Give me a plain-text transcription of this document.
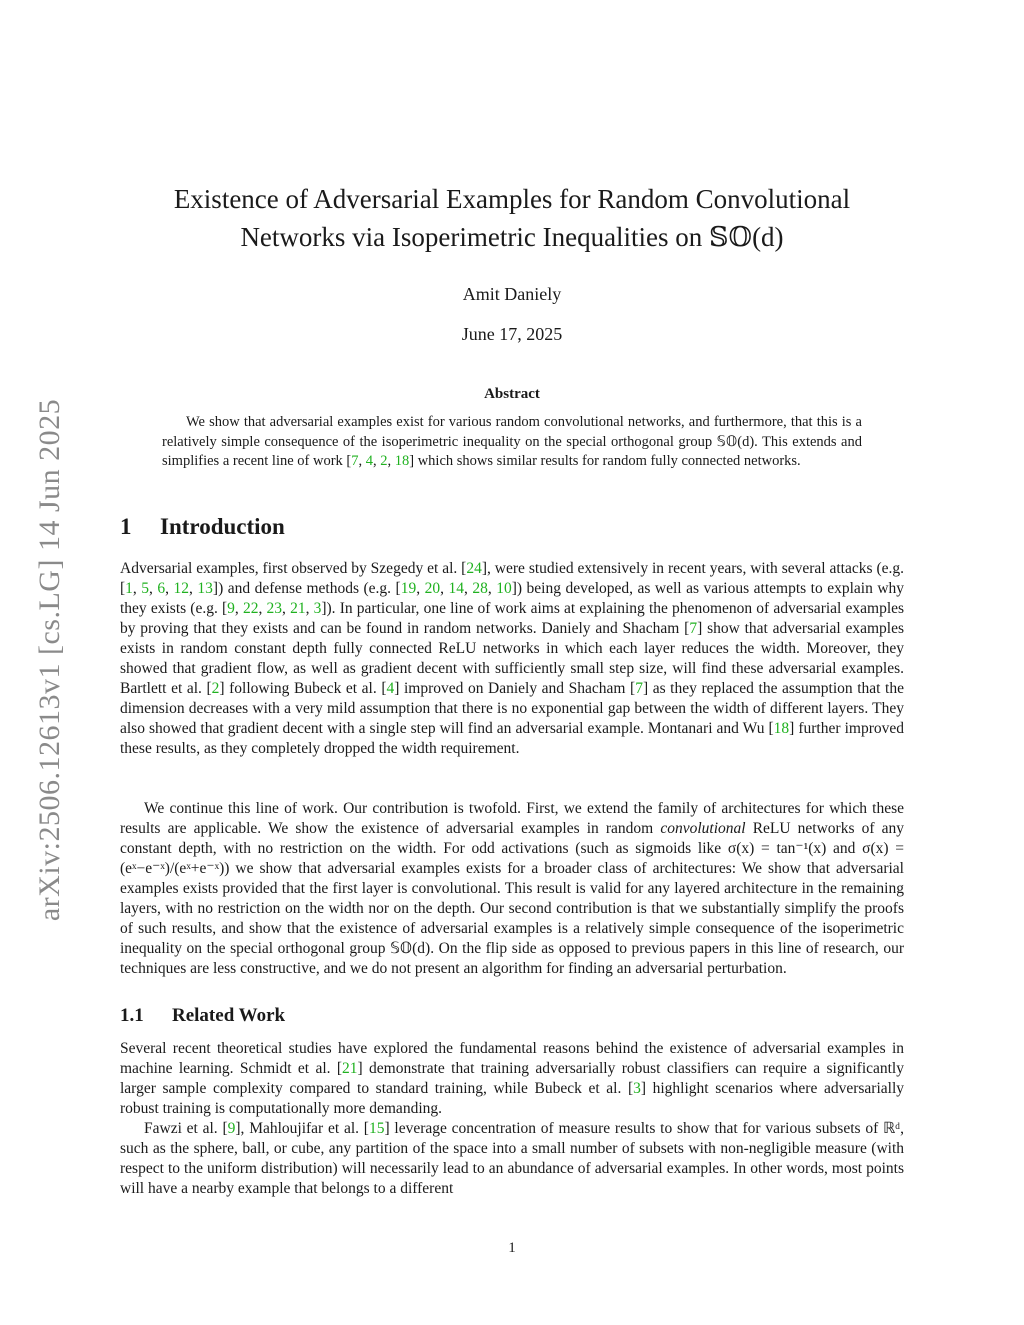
arXiv:2506.12613v1 [cs.LG] 14 Jun 2025
Existence of Adversarial Examples for Random Convolutional
Networks via Isoperimetric Inequalities on 𝕊𝕆(d)
Amit Daniely
June 17, 2025
Abstract

We show that adversarial examples exist for various random convolutional networks, and furthermore, that this is a relatively simple consequence of the isoperimetric inequality on the special orthogonal group 𝕊𝕆(d). This extends and simplifies a recent line of work [7, 4, 2, 18] which shows similar results for random fully connected networks.

1 Introduction

Adversarial examples, first observed by Szegedy et al. [24], were studied extensively in recent years, with several attacks (e.g. [1, 5, 6, 12, 13]) and defense methods (e.g. [19, 20, 14, 28, 10]) being developed, as well as various attempts to explain why they exists (e.g. [9, 22, 23, 21, 3]). In particular, one line of work aims at explaining the phenomenon of adversarial examples by proving that they exists and can be found in random networks. Daniely and Shacham [7] show that adversarial examples exists in random constant depth fully connected ReLU networks in which each layer reduces the width. Moreover, they showed that gradient flow, as well as gradient decent with sufficiently small step size, will find these adversarial examples. Bartlett et al. [2] following Bubeck et al. [4] improved on Daniely and Shacham [7] as they replaced the assumption that the dimension decreases with a very mild assumption that there is no exponential gap between the width of different layers. They also showed that gradient decent with a single step will find an adversarial example. Montanari and Wu [18] further improved these results, as they completely dropped the width requirement.

We continue this line of work. Our contribution is twofold. First, we extend the family of architectures for which these results are applicable. We show the existence of adversarial examples in random convolutional ReLU networks of any constant depth, with no restriction on the width. For odd activations (such as sigmoids like σ(x) = tan⁻¹(x) and σ(x) = (eˣ−e⁻ˣ)/(eˣ+e⁻ˣ)) we show that adversarial examples exists for a broader class of architectures: We show that adversarial examples exists provided that the first layer is convolutional. This result is valid for any layered architecture in the remaining layers, with no restriction on the width nor on the depth. Our second contribution is that we substantially simplify the proofs of such results, and show that the existence of adversarial examples is a relatively simple consequence of the isoperimetric inequality on the special orthogonal group 𝕊𝕆(d). On the flip side as opposed to previous papers in this line of research, our techniques are less constructive, and we do not present an algorithm for finding an adversarial perturbation.

1.1 Related Work

Several recent theoretical studies have explored the fundamental reasons behind the existence of adversarial examples in machine learning. Schmidt et al. [21] demonstrate that training adversarially robust classifiers can require a significantly larger sample complexity compared to standard training, while Bubeck et al. [3] highlight scenarios where adversarially robust training is computationally more demanding.

Fawzi et al. [9], Mahloujifar et al. [15] leverage concentration of measure results to show that for various subsets of ℝᵈ, such as the sphere, ball, or cube, any partition of the space into a small number of subsets with non-negligible measure (with respect to the uniform distribution) will necessarily lead to an abundance of adversarial examples. In other words, most points will have a nearby example that belongs to a different

1
